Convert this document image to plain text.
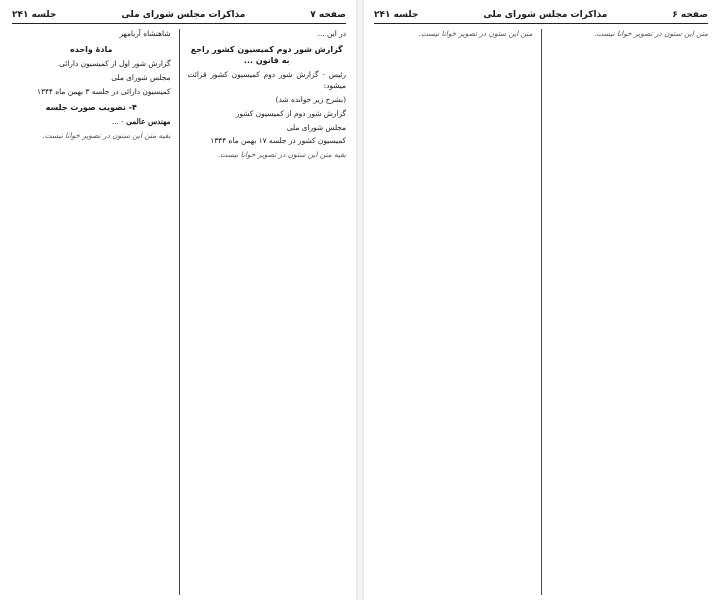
صفحه ۷
مذاکرات مجلس شورای ملی
جلسه ۲۴۱

در این ...

گزارش شور دوم کمیسیون کشور راجع به قانون ...

رئیس - گزارش شور دوم کمیسیون کشور قرائت میشود:

(بشرح زیر خوانده شد)

گزارش شور دوم از کمیسیون کشور

مجلس شورای ملی

کمیسیون کشور در جلسه ۱۷ بهمن ماه ۱۳۴۴

بقیه متن این ستون در تصویر خوانا نیست.

شاهنشاه آریامهر

مادهٔ واحده

گزارش شور اول از کمیسیون دارائی

مجلس شورای ملی

کمیسیون دارائی در جلسه ۳ بهمن ماه ۱۳۴۴

۴- تصویب صورت جلسه

مهندس عالمی - ...

بقیه متن این ستون در تصویر خوانا نیست.

صفحه ۶
مذاکرات مجلس شورای ملی
جلسه ۲۴۱

متن این ستون در تصویر خوانا نیست.

متن این ستون در تصویر خوانا نیست.
